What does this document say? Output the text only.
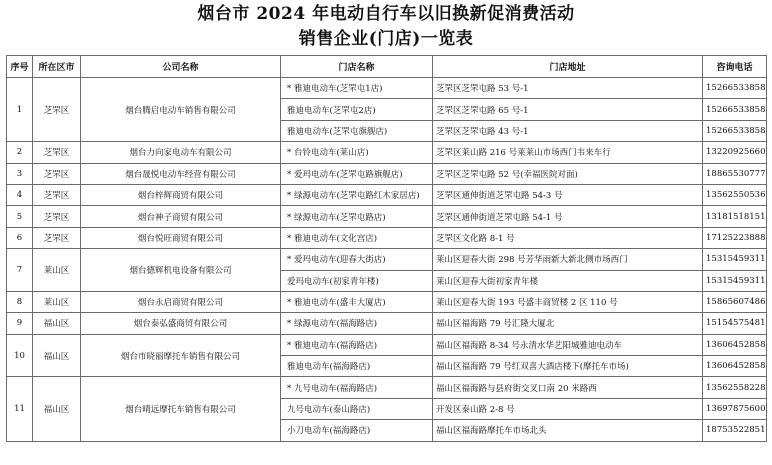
烟台市 2024 年电动自行车以旧换新促消费活动
销售企业(门店)一览表
序号	所在区市	公司名称	门店名称	门店地址	咨询电话
1	芝罘区	烟台腾启电动车销售有限公司	* 雅迪电动车(芝罘屯1店)	芝罘区芝罘屯路 53 号-1	15266533858
			雅迪电动车(芝罘屯2店)	芝罘区芝罘屯路 65 号-1	15266533858
			雅迪电动车(芝罘屯旗舰店)	芝罘区芝罘屯路 43 号-1	15266533858
2	芝罘区	烟台力向家电动车有限公司	* 台铃电动车(莱山店)	芝罘区莱山路 216 号莱莱山市场西门韦来车行	13220925660
3	芝罘区	烟台晟悦电动车经营有限公司	* 爱玛电动车(芝罘屯路旗舰店)	芝罘区芝罘屯路 52 号(幸福医院对面)	18865530777
4	芝罘区	烟台梓辉商贸有限公司	* 绿源电动车(芝罘屯路红木家居店)	芝罘区通伸街道芝罘屯路 54-3 号	13562550536
5	芝罘区	烟台神子商贸有限公司	* 绿源电动车(芝罘屯路店)	芝罘区通伸街道芝罘屯路 54-1 号	13181518151
6	芝罘区	烟台悦旺商贸有限公司	* 雅迪电动车(文化宫店)	芝罘区文化路 8-1 号	17125223888
7	莱山区	烟台德辉机电设备有限公司	* 爱玛电动车(迎春大街店)	莱山区迎春大街 298 号芳华雨新大新北侧市场西门	15315459311
			爱玛电动车(初家青年楼)	莱山区迎春大街初家青年楼	15315459311
8	莱山区	烟台永启商贸有限公司	* 雅迪电动车(盛丰大厦店)	莱山区迎春大街 193 号盛丰商贸楼 2 区 110 号	15865607486
9	福山区	烟台泰弘盛商贸有限公司	* 绿源电动车(福海路店)	福山区福海路 79 号汇隆大厦北	15154575481
10	福山区	烟台市晓丽摩托车销售有限公司	* 雅迪电动车(福海路店)	福山区福海路 8-34 号永清水华艺阳城雅迪电动车	13606452858
			雅迪电动车(福海路店)	福山区福海路 79 号红双喜大酒店楼下(摩托车市场)	13606452858
11	福山区	烟台晴远摩托车销售有限公司	* 九号电动车(福海路店)	福山区福海路与县府街交叉口南 20 米路西	13562558228
			九号电动车(泰山路店)	开发区泰山路 2-8 号	13697875600
			小刀电动车(福海路店)	福山区福海路摩托车市场北头	18753522851
